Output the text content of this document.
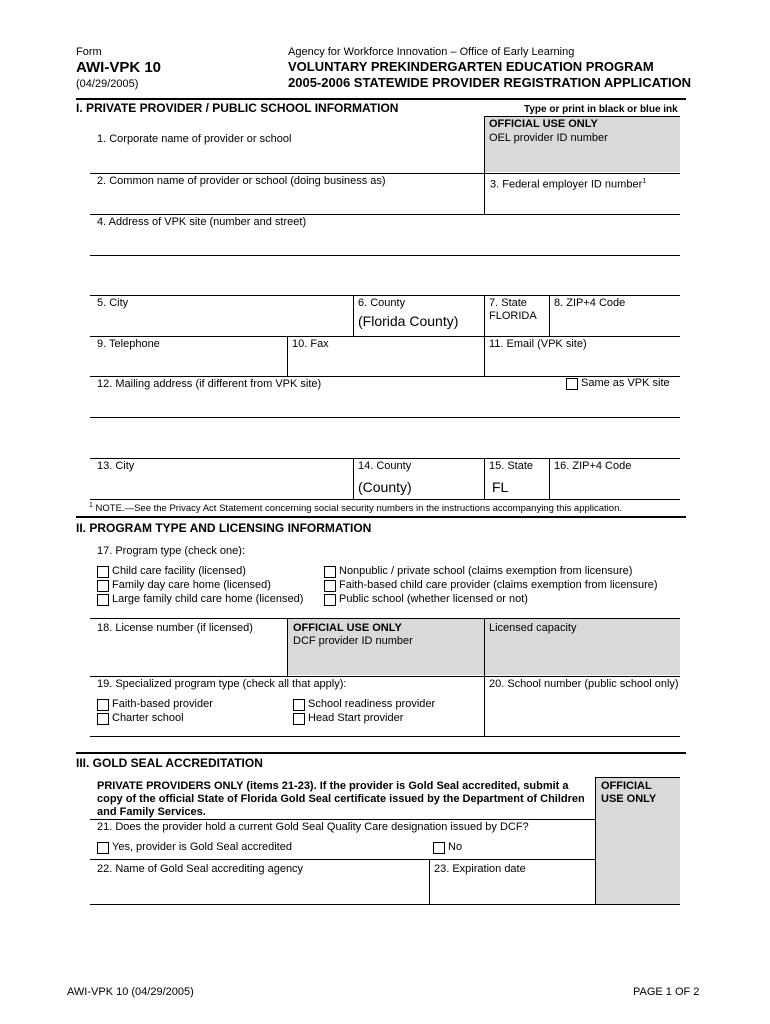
Form
AWI-VPK 10
(04/29/2005)
Agency for Workforce Innovation – Office of Early Learning
VOLUNTARY PREKINDERGARTEN EDUCATION PROGRAM
2005-2006 STATEWIDE PROVIDER REGISTRATION APPLICATION
I. PRIVATE PROVIDER / PUBLIC SCHOOL INFORMATION	Type or print in black or blue ink
OFFICIAL USE ONLY
OEL provider ID number
1. Corporate name of provider or school
2. Common name of provider or school (doing business as)	3. Federal employer ID number$^1$
4. Address of VPK site (number and street)
5. City	6. County
(Florida County)
7. State
FLORIDA
8. ZIP+4 Code
9. Telephone	10. Fax	11. Email (VPK site)
12. Mailing address (if different from VPK site)	Same as VPK site
13. City	14. County
(County)
15. State
FL
16. ZIP+4 Code
$^1$ NOTE.—See the Privacy Act Statement concerning social security numbers in the instructions accompanying this application.
II. PROGRAM TYPE AND LICENSING INFORMATION
17. Program type (check one):
Child care facility (licensed)
Family day care home (licensed)
Large family child care home (licensed)
Nonpublic / private school (claims exemption from licensure)
Faith-based child care provider (claims exemption from licensure)
Public school (whether licensed or not)
18. License number (if licensed)	OFFICIAL USE ONLY
DCF provider ID number
Licensed capacity
19. Specialized program type (check all that apply):	20. School number (public school only)
Faith-based provider
Charter school
School readiness provider
Head Start provider
III. GOLD SEAL ACCREDITATION
PRIVATE PROVIDERS ONLY (items 21-23). If the provider is Gold Seal accredited, submit a copy of the official State of Florida Gold Seal certificate issued by the Department of Children and Family Services.
OFFICIAL USE ONLY
21. Does the provider hold a current Gold Seal Quality Care designation issued by DCF?
Yes, provider is Gold Seal accredited	No
22. Name of Gold Seal accrediting agency	23. Expiration date
AWI-VPK 10 (04/29/2005)	PAGE 1 OF 2
